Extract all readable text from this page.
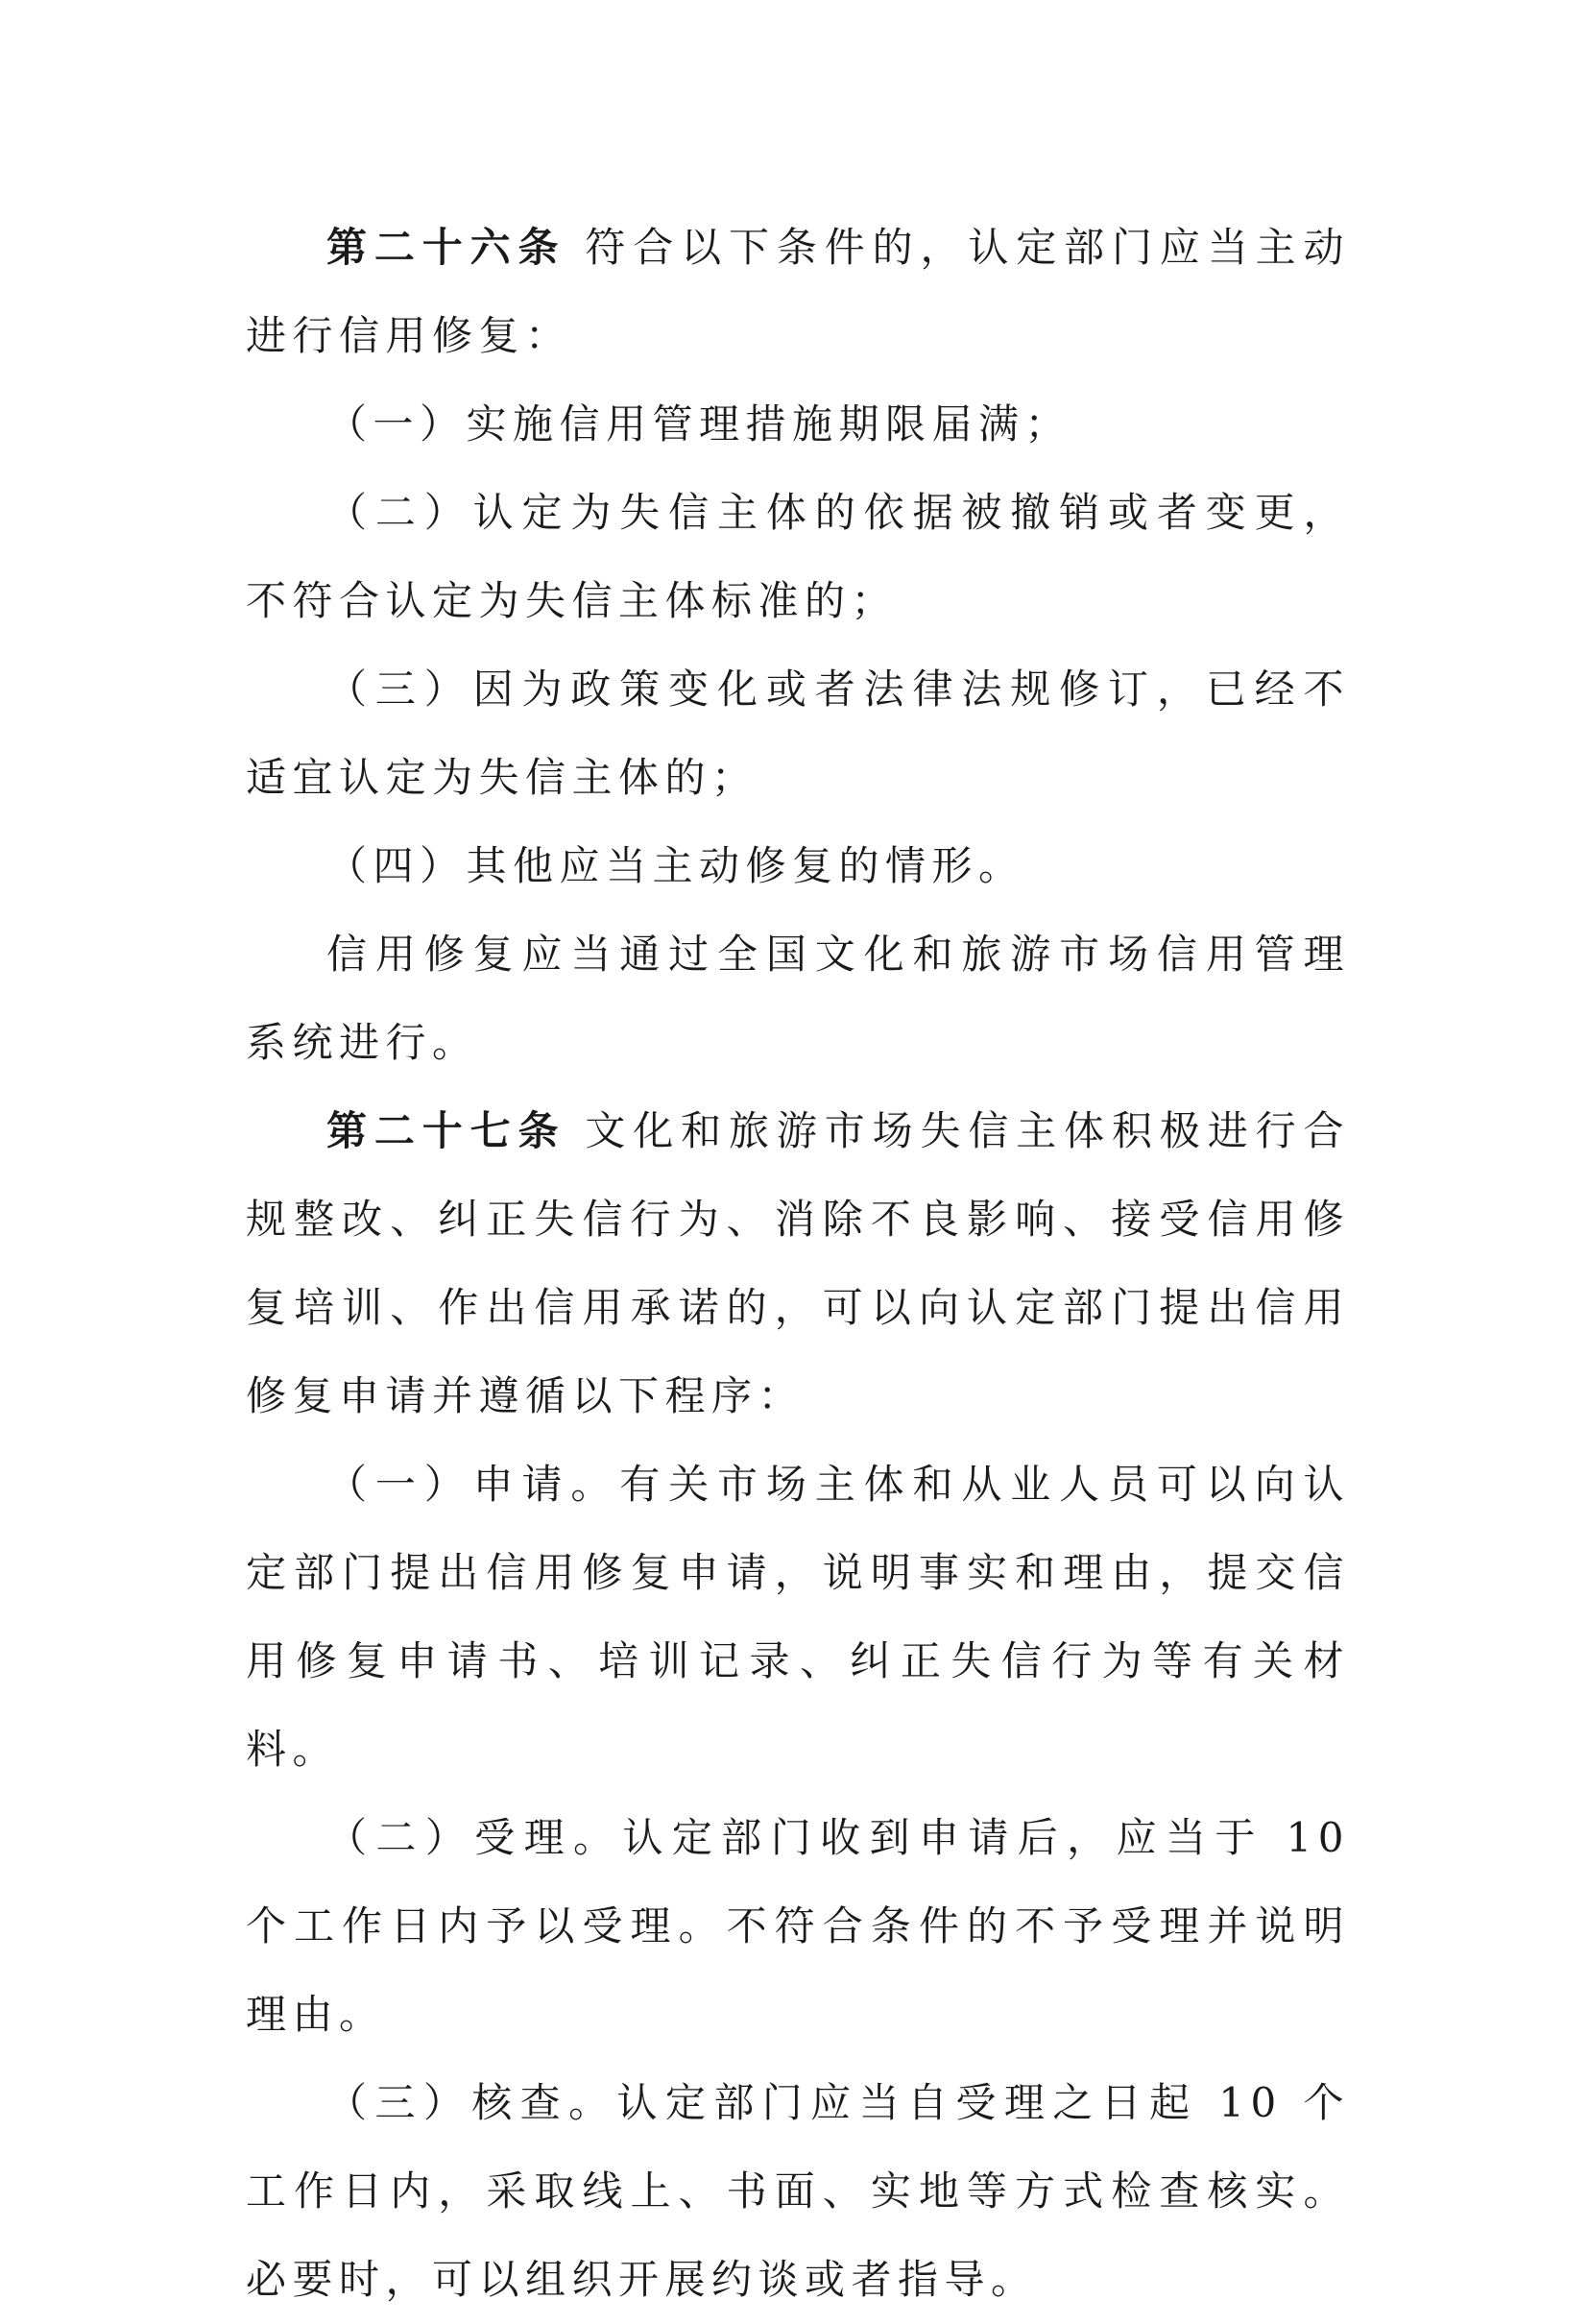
第二十六条 符合以下条件的，认定部门应当主动进行信用修复：

（一）实施信用管理措施期限届满；

（二）认定为失信主体的依据被撤销或者变更，不符合认定为失信主体标准的；

（三）因为政策变化或者法律法规修订，已经不适宜认定为失信主体的；

（四）其他应当主动修复的情形。

信用修复应当通过全国文化和旅游市场信用管理系统进行。

第二十七条 文化和旅游市场失信主体积极进行合规整改、纠正失信行为、消除不良影响、接受信用修复培训、作出信用承诺的，可以向认定部门提出信用修复申请并遵循以下程序：

（一）申请。有关市场主体和从业人员可以向认定部门提出信用修复申请，说明事实和理由，提交信用修复申请书、培训记录、纠正失信行为等有关材料。

（二）受理。认定部门收到申请后，应当于 10 个工作日内予以受理。不符合条件的不予受理并说明理由。

（三）核查。认定部门应当自受理之日起 10 个工作日内，采取线上、书面、实地等方式检查核实。必要时，可以组织开展约谈或者指导。
